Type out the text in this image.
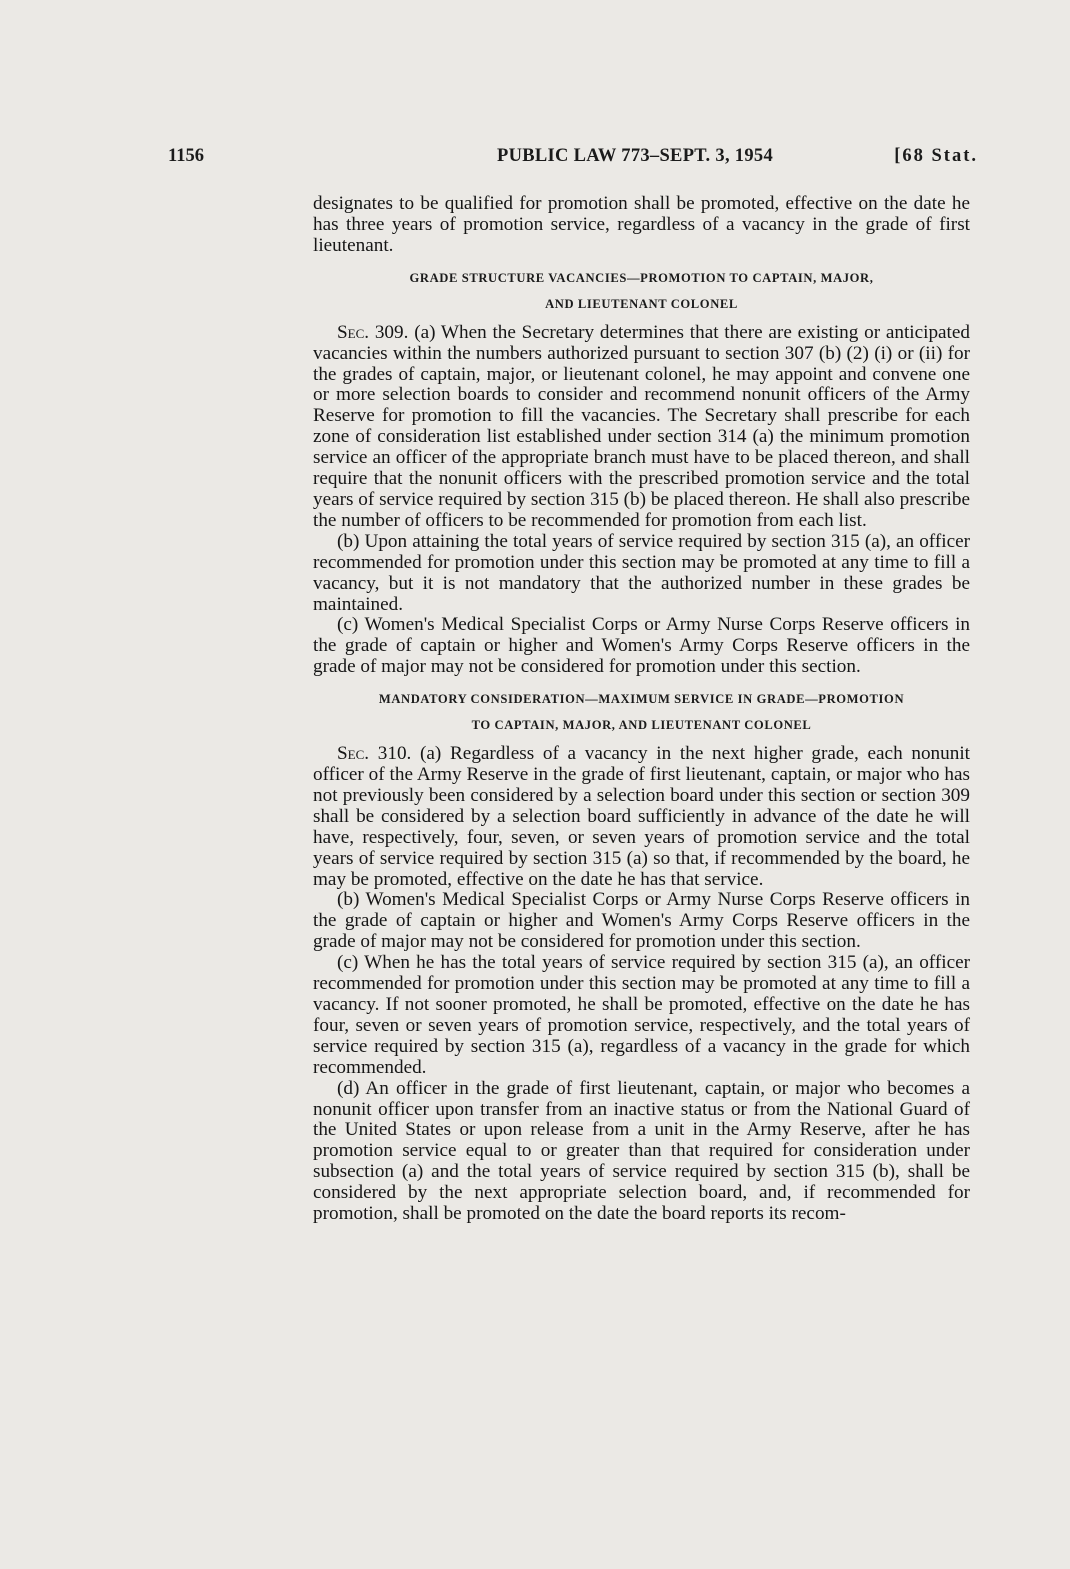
1156	PUBLIC LAW 773–SEPT. 3, 1954	[68 Stat.

designates to be qualified for promotion shall be promoted, effective on the date he has three years of promotion service, regardless of a vacancy in the grade of first lieutenant.

GRADE STRUCTURE VACANCIES—PROMOTION TO CAPTAIN, MAJOR,
AND LIEUTENANT COLONEL

Sec. 309. (a) When the Secretary determines that there are existing or anticipated vacancies within the numbers authorized pursuant to section 307 (b) (2) (i) or (ii) for the grades of captain, major, or lieutenant colonel, he may appoint and convene one or more selection boards to consider and recommend nonunit officers of the Army Reserve for promotion to fill the vacancies. The Secretary shall prescribe for each zone of consideration list established under section 314 (a) the minimum promotion service an officer of the appropriate branch must have to be placed thereon, and shall require that the nonunit officers with the prescribed promotion service and the total years of service required by section 315 (b) be placed thereon. He shall also prescribe the number of officers to be recommended for promotion from each list.

(b) Upon attaining the total years of service required by section 315 (a), an officer recommended for promotion under this section may be promoted at any time to fill a vacancy, but it is not mandatory that the authorized number in these grades be maintained.

(c) Women's Medical Specialist Corps or Army Nurse Corps Reserve officers in the grade of captain or higher and Women's Army Corps Reserve officers in the grade of major may not be considered for promotion under this section.

MANDATORY CONSIDERATION—MAXIMUM SERVICE IN GRADE—PROMOTION
TO CAPTAIN, MAJOR, AND LIEUTENANT COLONEL

Sec. 310. (a) Regardless of a vacancy in the next higher grade, each nonunit officer of the Army Reserve in the grade of first lieutenant, captain, or major who has not previously been considered by a selection board under this section or section 309 shall be considered by a selection board sufficiently in advance of the date he will have, respectively, four, seven, or seven years of promotion service and the total years of service required by section 315 (a) so that, if recommended by the board, he may be promoted, effective on the date he has that service.

(b) Women's Medical Specialist Corps or Army Nurse Corps Reserve officers in the grade of captain or higher and Women's Army Corps Reserve officers in the grade of major may not be considered for promotion under this section.

(c) When he has the total years of service required by section 315 (a), an officer recommended for promotion under this section may be promoted at any time to fill a vacancy. If not sooner promoted, he shall be promoted, effective on the date he has four, seven or seven years of promotion service, respectively, and the total years of service required by section 315 (a), regardless of a vacancy in the grade for which recommended.

(d) An officer in the grade of first lieutenant, captain, or major who becomes a nonunit officer upon transfer from an inactive status or from the National Guard of the United States or upon release from a unit in the Army Reserve, after he has promotion service equal to or greater than that required for consideration under subsection (a) and the total years of service required by section 315 (b), shall be considered by the next appropriate selection board, and, if recommended for promotion, shall be promoted on the date the board reports its recom-
